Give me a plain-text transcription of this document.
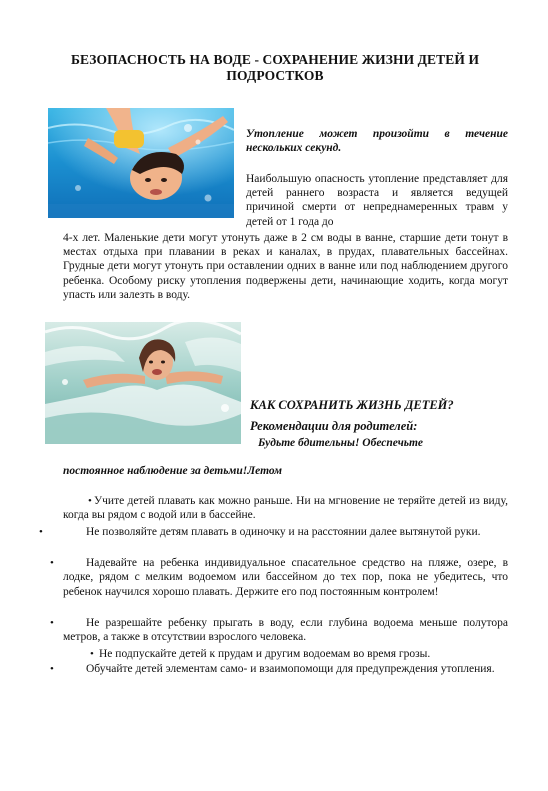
БЕЗОПАСНОСТЬ НА ВОДЕ - СОХРАНЕНИЕ ЖИЗНИ ДЕТЕЙ И ПОДРОСТКОВ
Утопление может произойти в течение нескольких секунд.
Наибольшую опасность утопление представляет для детей раннего возраста и является ведущей причиной смерти от непреднамеренных травм у детей от 1 года до
4-х лет. Маленькие дети могут утонуть даже в 2 см воды в ванне, старшие дети тонут в местах отдыха при плавании в реках и каналах, в прудах, плавательных бассейнах. Грудные дети могут утонуть при оставлении одних в ванне или под наблюдением другого ребенка. Особому риску утопления подвержены дети, начинающие ходить, когда могут упасть или залезть в воду.
КАК СОХРАНИТЬ ЖИЗНЬ ДЕТЕЙ?
Рекомендации для родителей:
Будьте бдительны! Обеспечьте
постоянное наблюдение за детьми!Летом
• Учите детей плавать как можно раньше. Ни на мгновение не теряйте детей из виду, когда вы рядом с водой или в бассейне.
•	Не позволяйте детям плавать в одиночку и на расстоянии далее вытянутой руки.
•	Надевайте на ребенка индивидуальное спасательное средство на пляже, озере, в лодке, рядом с мелким водоемом или бассейном до тех пор, пока не убедитесь, что ребенок научился хорошо плавать. Держите его под постоянным контролем!
•	Не разрешайте ребенку прыгать в воду, если глубина водоема меньше полутора метров, а также в отсутствии взрослого человека.
• Не подпускайте детей к прудам и другим водоемам во время грозы.
•	Обучайте детей элементам само- и взаимопомощи для предупреждения утопления.
